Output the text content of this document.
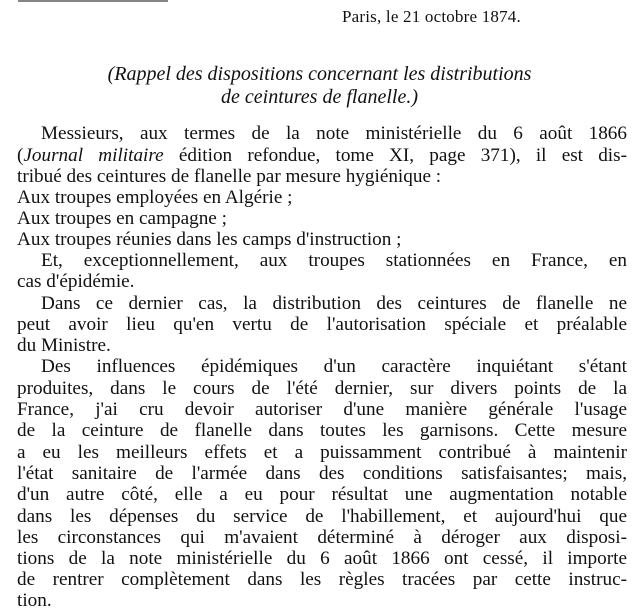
Paris, le 21 octobre 1874.
(Rappel des dispositions concernant les distributions
de ceintures de flanelle.)
Messieurs, aux termes de la note ministérielle du 6 août 1866
(Journal militaire édition refondue, tome XI, page 371), il est dis-
tribué des ceintures de flanelle par mesure hygiénique :
Aux troupes employées en Algérie ;
Aux troupes en campagne ;
Aux troupes réunies dans les camps d'instruction ;
Et, exceptionnellement, aux troupes stationnées en France, en
cas d'épidémie.
Dans ce dernier cas, la distribution des ceintures de flanelle ne
peut avoir lieu qu'en vertu de l'autorisation spéciale et préalable
du Ministre.
Des influences épidémiques d'un caractère inquiétant s'étant
produites, dans le cours de l'été dernier, sur divers points de la
France, j'ai cru devoir autoriser d'une manière générale l'usage
de la ceinture de flanelle dans toutes les garnisons. Cette mesure
a eu les meilleurs effets et a puissamment contribué à maintenir
l'état sanitaire de l'armée dans des conditions satisfaisantes; mais,
d'un autre côté, elle a eu pour résultat une augmentation notable
dans les dépenses du service de l'habillement, et aujourd'hui que
les circonstances qui m'avaient déterminé à déroger aux disposi-
tions de la note ministérielle du 6 août 1866 ont cessé, il importe
de rentrer complètement dans les règles tracées par cette instruc-
tion.
